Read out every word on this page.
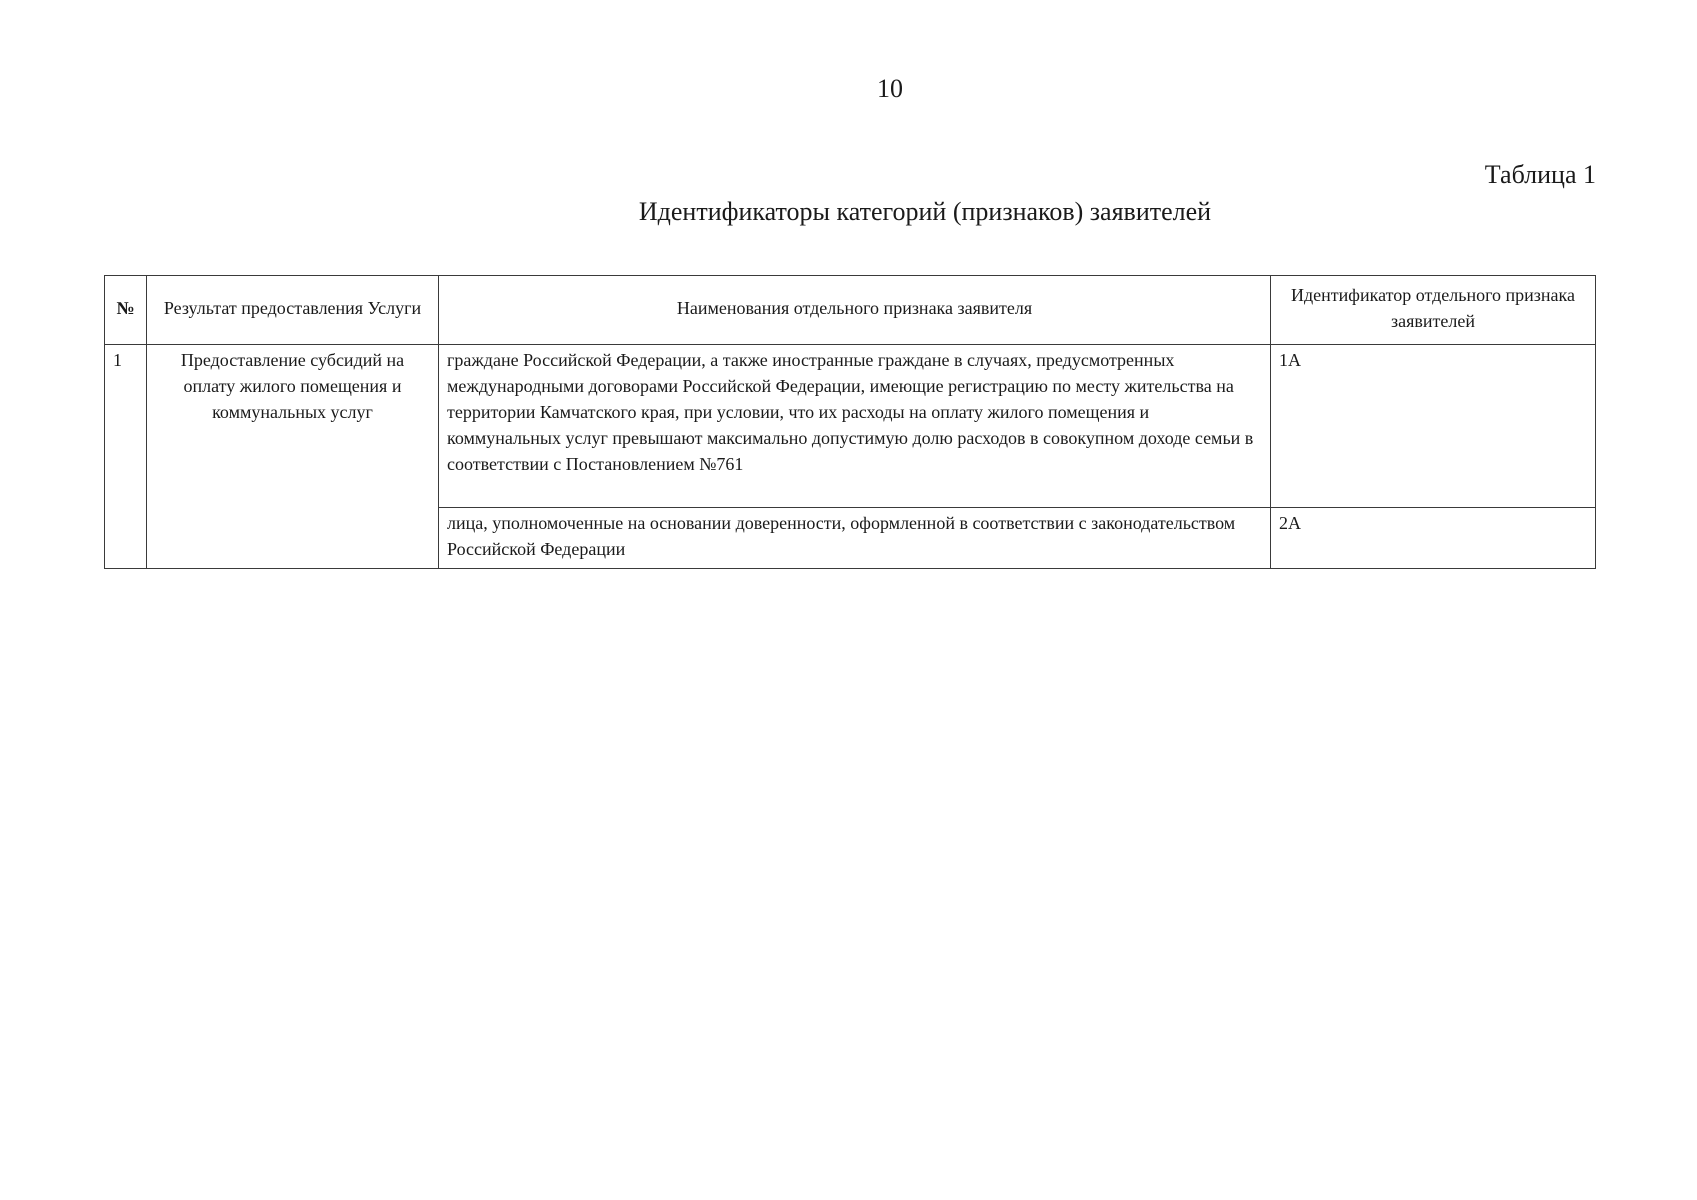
10
Таблица 1
Идентификаторы категорий (признаков) заявителей
№	Результат предоставления Услуги	Наименования отдельного признака заявителя	Идентификатор отдельного признака заявителей
1	Предоставление субсидий на оплату жилого помещения и коммунальных услуг	граждане Российской Федерации, а также иностранные граждане в случаях, предусмотренных международными договорами Российской Федерации, имеющие регистрацию по месту жительства на территории Камчатского края, при условии, что их расходы на оплату жилого помещения и коммунальных услуг превышают максимально допустимую долю расходов в совокупном доходе семьи в соответствии с Постановлением №761	1А
		лица, уполномоченные на основании доверенности, оформленной в соответствии с законодательством Российской Федерации	2А
